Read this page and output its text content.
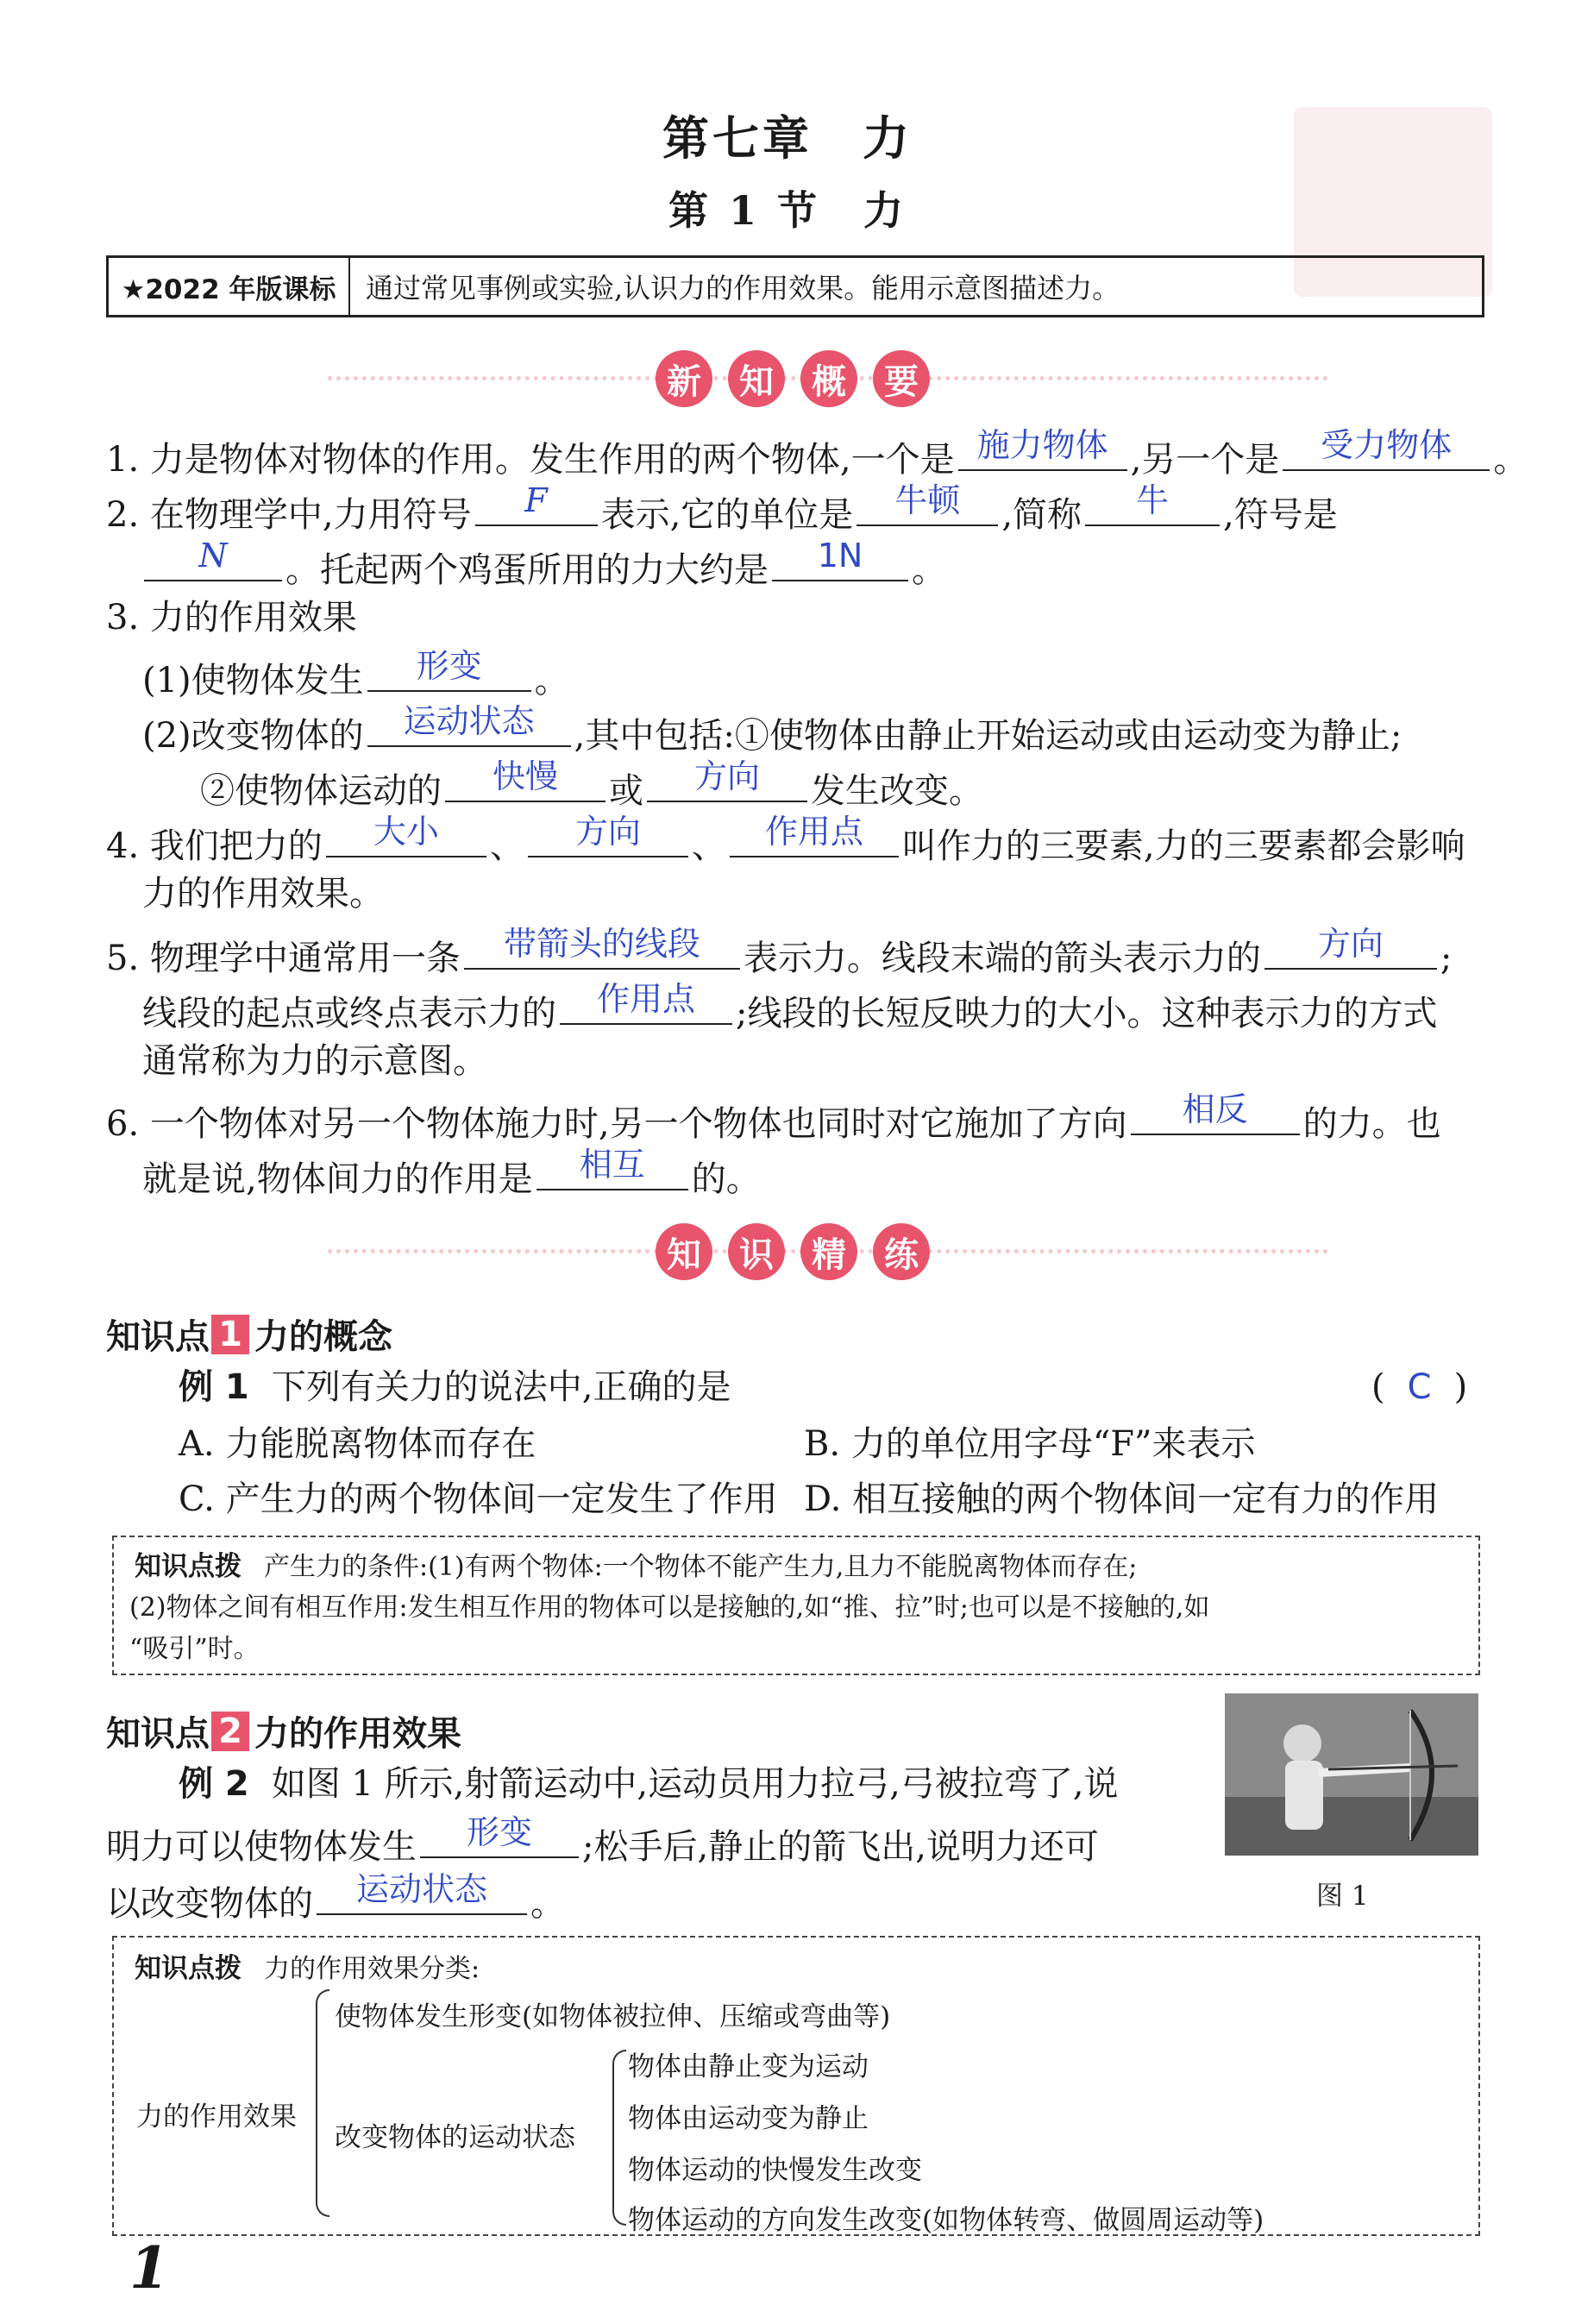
第七章　力
第 1 节　力
★2022 年版课标	通过常见事例或实验,认识力的作用效果。能用示意图描述力。
新	知	概	要
1. 力是物体对物体的作用。发生作用的两个物体,一个是 施力物体 ,另一个是	受力物体	。
2. 在物理学中,力用符号	F	表示,它的单位是	牛顿	,简称	牛	,符号是
N	。托起两个鸡蛋所用的力大约是	1N	。
3. 力的作用效果
(1)使物体发生	形变	。
(2)改变物体的	运动状态	,其中包括:①使物体由静止开始运动或由运动变为静止;
②使物体运动的	快慢	或	方向	发生改变。
4. 我们把力的	大小	、	方向	、	作用点	叫作力的三要素,力的三要素都会影响
力的作用效果。
5. 物理学中通常用一条	带箭头的线段	表示力。线段末端的箭头表示力的	方向	;
线段的起点或终点表示力的	作用点	;线段的长短反映力的大小。这种表示力的方式
通常称为力的示意图。
6. 一个物体对另一个物体施力时,另一个物体也同时对它施加了方向	相反	的力。也
就是说,物体间力的作用是	相互	的。
知	识	精	练
知识点 1 力的概念
例 1 下列有关力的说法中,正确的是	( C )
A. 力能脱离物体而存在	B. 力的单位用字母“F”来表示
C. 产生力的两个物体间一定发生了作用 D. 相互接触的两个物体间一定有力的作用
知识点拨 产生力的条件:(1)有两个物体:一个物体不能产生力,且力不能脱离物体而存在;
(2)物体之间有相互作用:发生相互作用的物体可以是接触的,如“推、拉”时;也可以是不接触的,如
“吸引”时。
知识点 2 力的作用效果
例 2 如图 1 所示,射箭运动中,运动员用力拉弓,弓被拉弯了,说
明力可以使物体发生	形变	;松手后,静止的箭飞出,说明力还可
以改变物体的	运动状态	。	图 1
知识点拨 力的作用效果分类:
力的作用效果
使物体发生形变(如物体被拉伸、压缩或弯曲等)
改变物体的运动状态
物体由静止变为运动
物体由运动变为静止
物体运动的快慢发生改变
物体运动的方向发生改变(如物体转弯、做圆周运动等)
1
